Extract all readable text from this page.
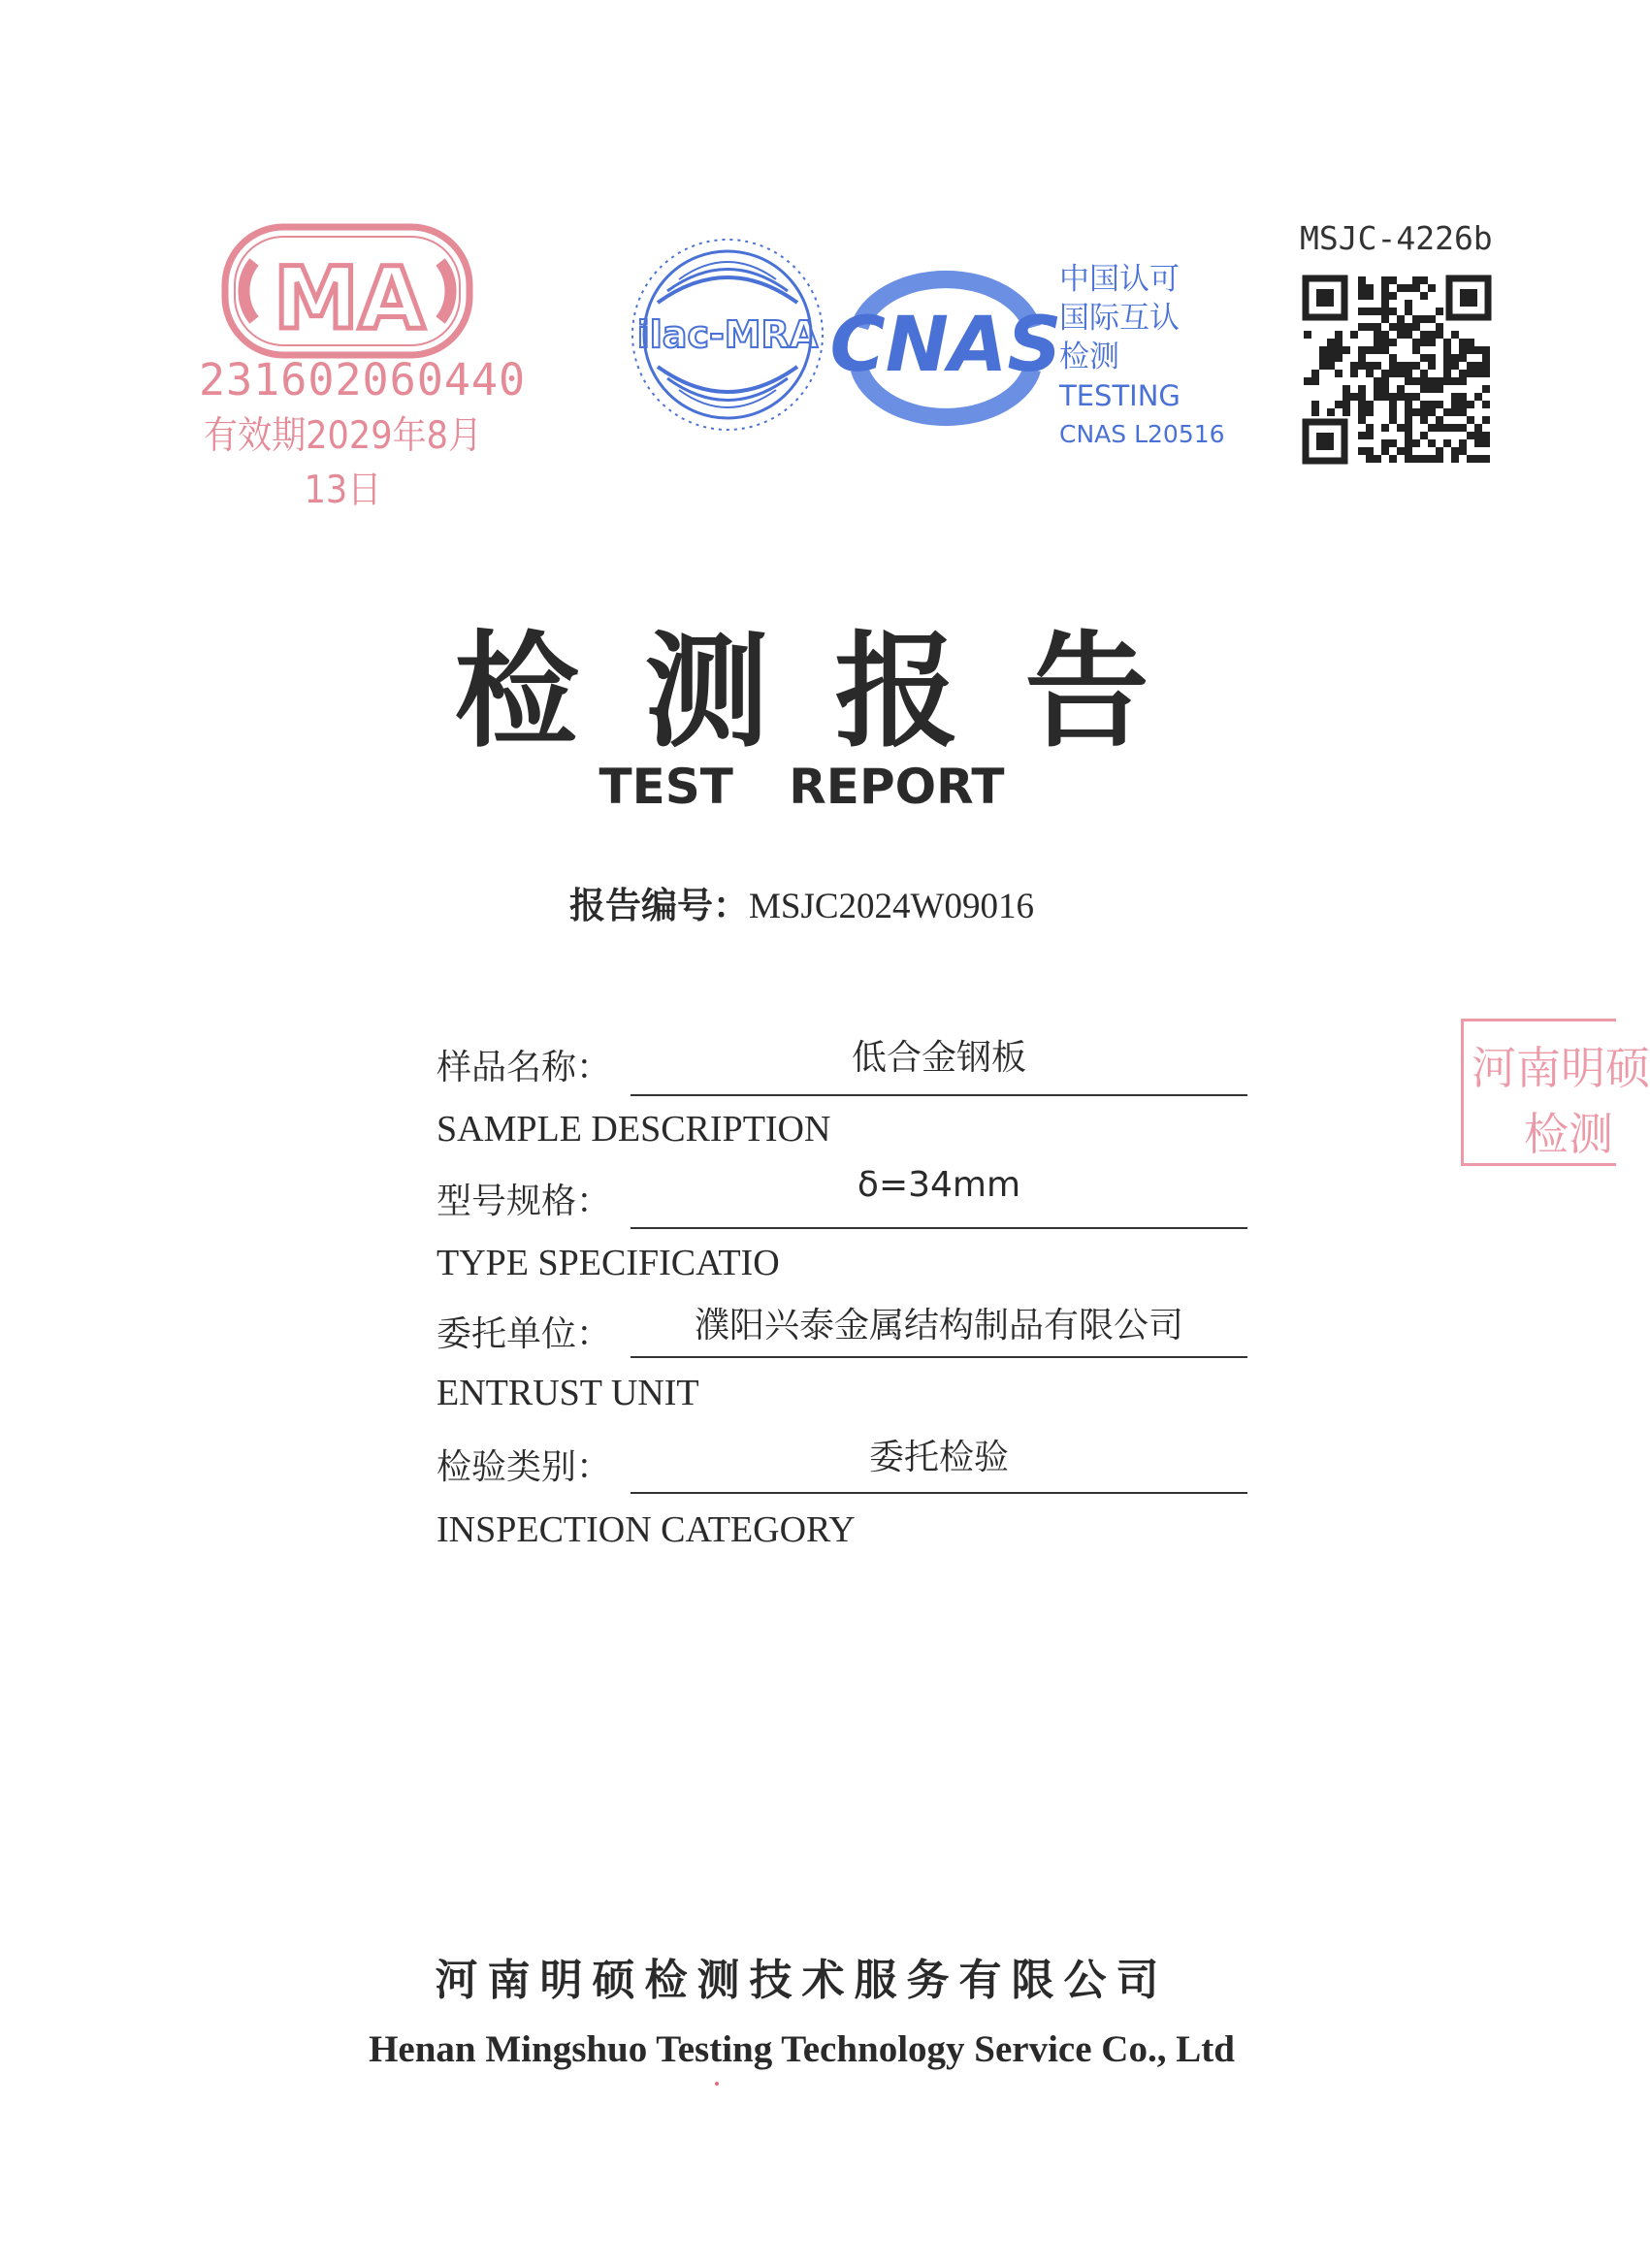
MA
231602060440
有效期2029年8月13日
ilac-MRA CNAS
中国认可
国际互认
检测
TESTING
CNAS L20516
MSJC-4226b
检测报告
TEST REPORT
报告编号：MSJC2024W09016
样品名称：	低合金钢板
SAMPLE DESCRIPTION
型号规格：	δ=34mm
TYPE SPECIFICATIO
委托单位：	濮阳兴泰金属结构制品有限公司
ENTRUST UNIT
检验类别：	委托检验
INSPECTION CATEGORY
河南明硕
检测
河南明硕检测技术服务有限公司
Henan Mingshuo Testing Technology Service Co., Ltd
